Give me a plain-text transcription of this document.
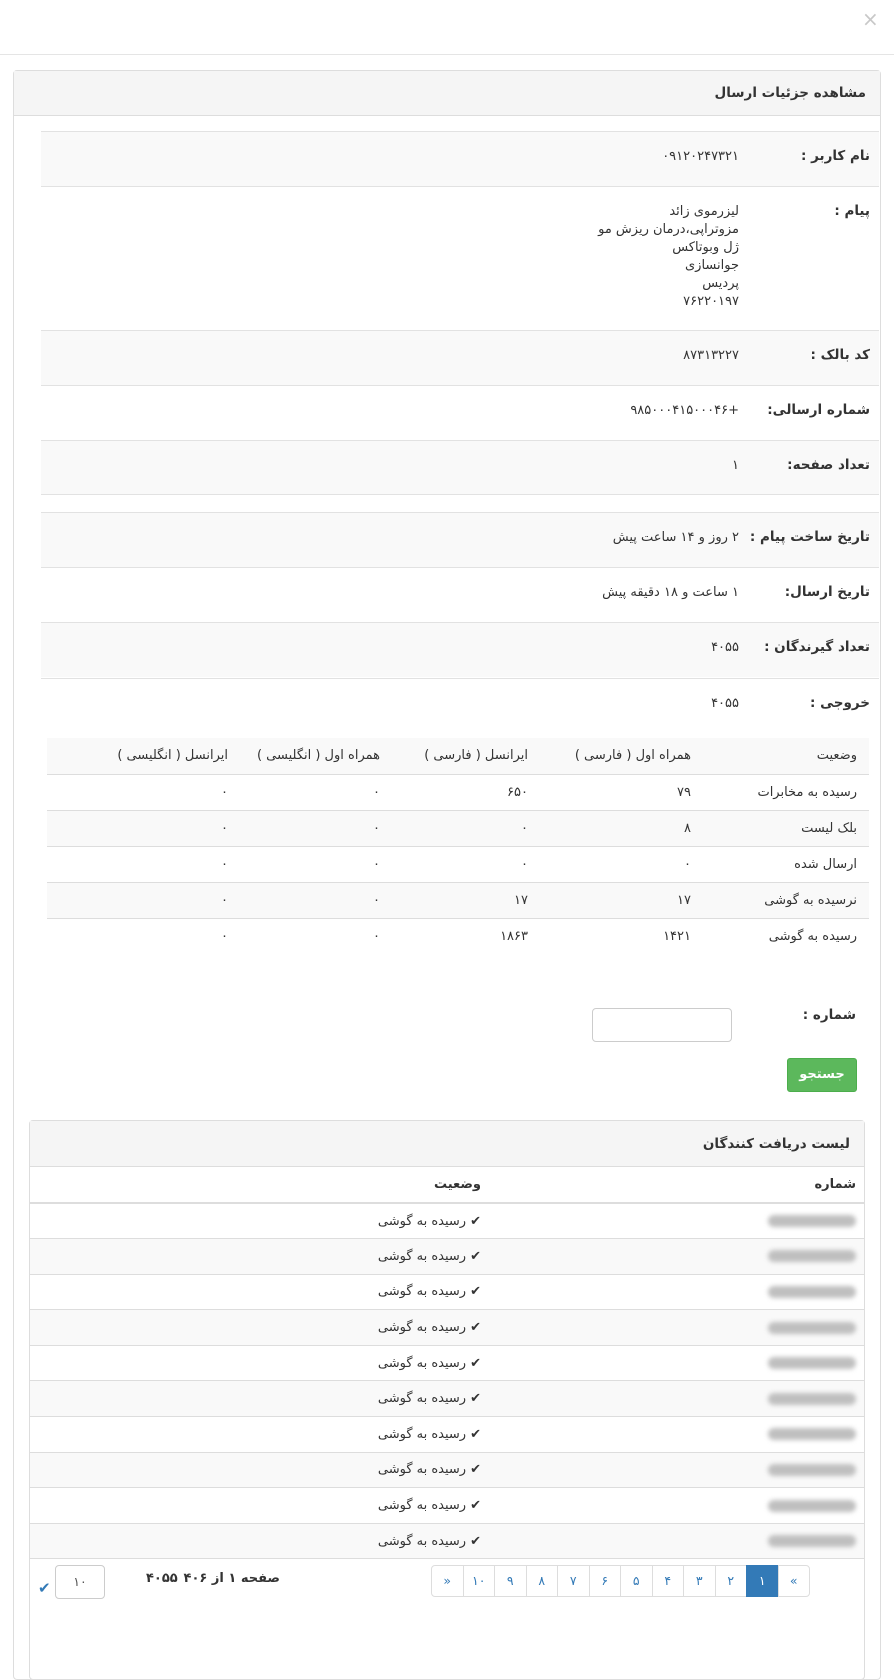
×
مشاهده جزئیات ارسال
نام کاربر :
۰۹۱۲۰۲۴۷۳۲۱
پیام :
لیزرموی زائد
مزوتراپی،درمان ریزش مو
ژل وبوتاکس
جوانسازی
پردیس
۷۶۲۲۰۱۹۷
کد بالک :
۸۷۳۱۳۲۲۷
شماره ارسالی:
+۹۸۵۰۰۰۴۱۵۰۰۰۴۶
تعداد صفحه:
۱
تاریخ ساخت پیام :
۲ روز و ۱۴ ساعت پیش
تاریخ ارسال:
۱ ساعت و ۱۸ دقیقه پیش
تعداد گیرندگان :
۴۰۵۵
خروجی :
۴۰۵۵
وضعیت	همراه اول ( فارسی )	ایرانسل ( فارسی )	همراه اول ( انگلیسی )	ایرانسل ( انگلیسی )
رسیده به مخابرات	۷۹	۶۵۰	۰	۰
بلک لیست	۸	۰	۰	۰
ارسال شده	۰	۰	۰	۰
نرسیده به گوشی	۱۷	۱۷	۰	۰
رسیده به گوشی	۱۴۲۱	۱۸۶۳	۰	۰
شماره :
جستجو
لیست دریافت کنندگان
شماره	وضعیت
	✔رسیده به گوشی
	✔رسیده به گوشی
	✔رسیده به گوشی
	✔رسیده به گوشی
	✔رسیده به گوشی
	✔رسیده به گوشی
	✔رسیده به گوشی
	✔رسیده به گوشی
	✔رسیده به گوشی
	✔رسیده به گوشی
«
۱
۲
۳
۴
۵
۶
۷
۸
۹
۱۰
»
صفحه ۱ از ۴۰۶
۴۰۵۵
۱۰
✔
